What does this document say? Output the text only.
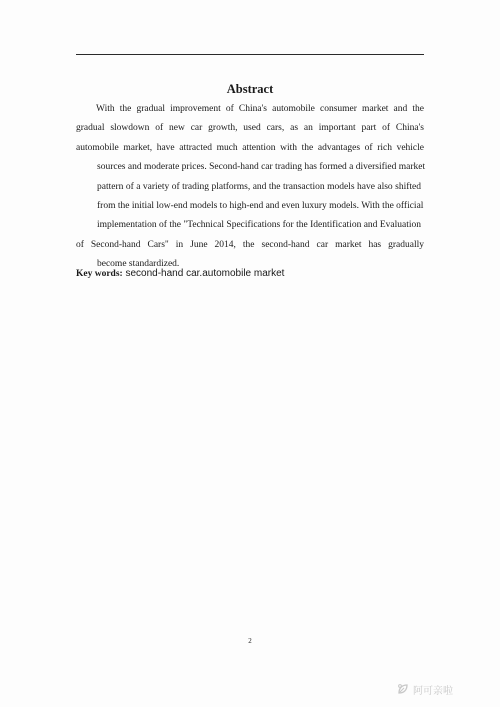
Abstract
With the gradual improvement of China's automobile consumer market and the
gradual slowdown of new car growth, used cars, as an important part of China's
automobile market, have attracted much attention with the advantages of rich vehicle
sources and moderate prices. Second-hand car trading has formed a diversified market
pattern of a variety of trading platforms, and the transaction models have also shifted
from the initial low-end models to high-end and even luxury models. With the official
implementation of the "Technical Specifications for the Identification and Evaluation
of Second-hand Cars" in June 2014, the second-hand car market has gradually
become standardized.
Key words: second-hand car.automobile market
2
阿可亲啦
